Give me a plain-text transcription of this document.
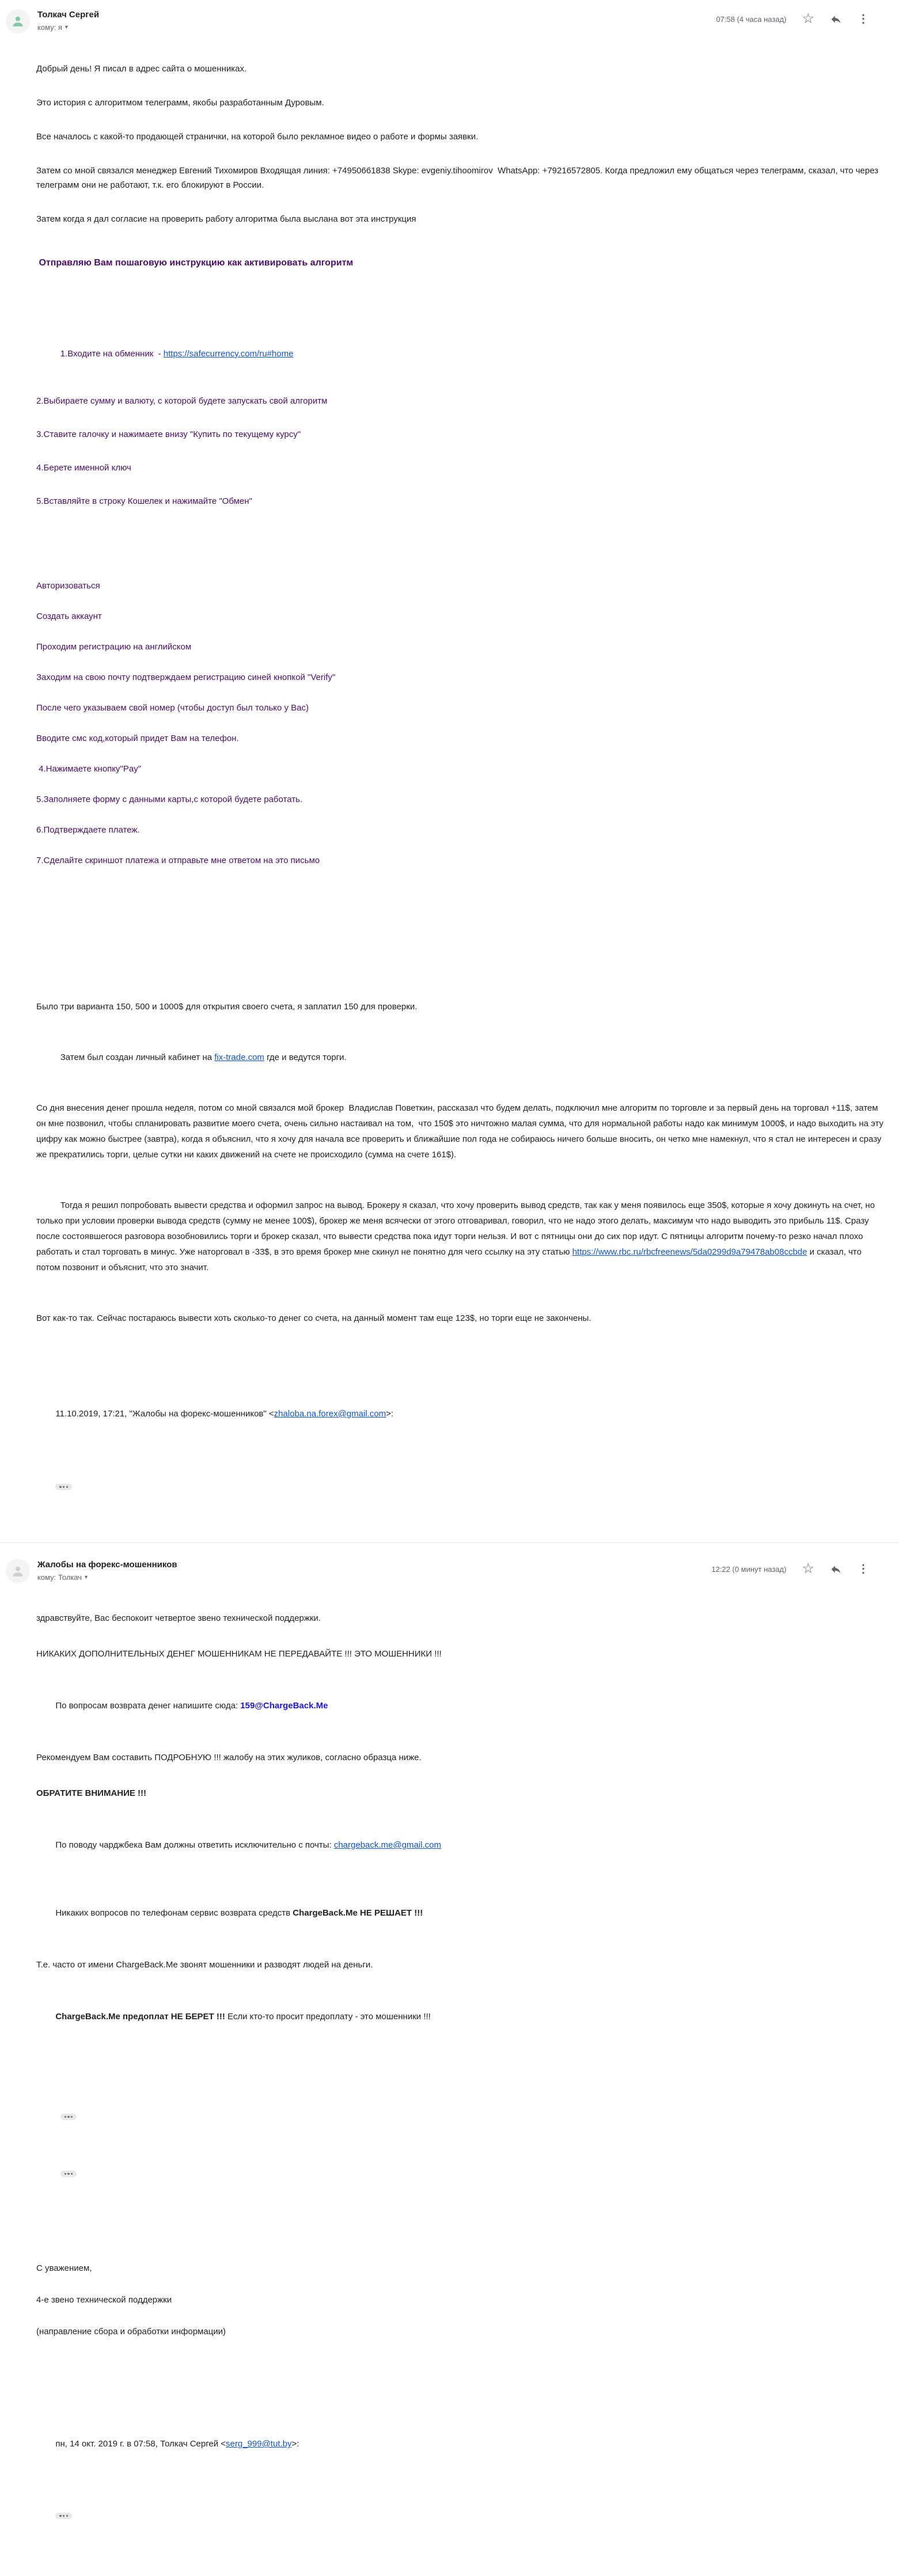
Толкач Сергей
кому: я ▾
07:58 (4 часа назад) ☆	⋮

Добрый день! Я писал в адрес сайта о мошенниках.

Это история с алгоритмом телеграмм, якобы разработанным Дуровым.

Все началось с какой-то продающей странички, на которой было рекламное видео о работе и формы заявки.

Затем со мной связался менеджер Евгений Тихомиров Входящая линия: +74950661838 Skype: evgeniy.tihoomirov  WhatsApp: +79216572805. Когда предложил ему общаться через телеграмм, сказал, что через телеграмм они не работают, т.к. его блокируют в России.

Затем когда я дал согласие на проверить работу алгоритма была выслана вот эта инструкция

Отправляю Вам пошаговую инструкцию как активировать алгоритм

1.Входите на обменник  - https://safecurrency.com/ru#home

2.Выбираете сумму и валюту, с которой будете запускать свой алгоритм

3.Ставите галочку и нажимаете внизу "Купить по текущему курсу"

4.Берете именной ключ

5.Вставляйте в строку Кошелек и нажимайте "Обмен"

Авторизоваться

Создать аккаунт

Проходим регистрацию на английском

Заходим на свою почту подтверждаем регистрацию синей кнопкой "Verify"

После чего указываем свой номер (чтобы доступ был только у Вас)

Вводите смс код,который придет Вам на телефон.

4.Нажимаете кнопку"Pay"

5.Заполняете форму с данными карты,с которой будете работать.

6.Подтверждаете платеж.

7.Сделайте скриншот платежа и отправьте мне ответом на это письмо

Было три варианта 150, 500 и 1000$ для открытия своего счета, я заплатил 150 для проверки.

Затем был создан личный кабинет на fix-trade.com где и ведутся торги.

Со дня внесения денег прошла неделя, потом со мной связался мой брокер  Владислав Поветкин, рассказал что будем делать, подключил мне алгоритм по торговле и за первый день на торговал +11$, затем он мне позвонил, чтобы спланировать развитие моего счета, очень сильно настаивал на том,  что 150$ это ничтожно малая сумма, что для нормальной работы надо как минимум 1000$, и надо выходить на эту цифру как можно быстрее (завтра), когда я объяснил, что я хочу для начала все проверить и ближайшие пол года не собираюсь ничего больше вносить, он четко мне намекнул, что я стал не интересен и сразу же прекратились торги, целые сутки ни каких движений на счете не происходило (сумма на счете 161$).

Тогда я решил попробовать вывести средства и оформил запрос на вывод. Брокеру я сказал, что хочу проверить вывод средств, так как у меня появилось еще 350$, которые я хочу докинуть на счет, но только при условии проверки вывода средств (сумму не менее 100$), брокер же меня всячески от этого отговаривал, говорил, что не надо этого делать, максимум что надо выводить это прибыль 11$. Сразу после состоявшегося разговора возобновились торги и брокер сказал, что вывести средства пока идут торги нельзя. И вот с пятницы они до сих пор идут. С пятницы алгоритм почему-то резко начал плохо работать и стал торговать в минус. Уже наторговал в -33$, в это время брокер мне скинул не понятно для чего ссылку на эту статью https://www.rbc.ru/rbcfreenews/5da0299d9a79478ab08ccbde и сказал, что потом позвонит и объяснит, что это значит.

Вот как-то так. Сейчас постараюсь вывести хоть сколько-то денег со счета, на данный момент там еще 123$, но торги еще не закончены.

11.10.2019, 17:21, "Жалобы на форекс-мошенников" <zhaloba.na.forex@gmail.com>:

Жалобы на форекс-мошенников
кому: Толкач ▾
12:22 (0 минут назад) ☆	⋮

здравствуйте, Вас беспокоит четвертое звено технической поддержки.

НИКАКИХ ДОПОЛНИТЕЛЬНЫХ ДЕНЕГ МОШЕННИКАМ НЕ ПЕРЕДАВАЙТЕ !!! ЭТО МОШЕННИКИ !!!

По вопросам возврата денег напишите сюда: 159@ChargeBack.Me

Рекомендуем Вам составить ПОДРОБНУЮ !!! жалобу на этих жуликов, согласно образца ниже.

ОБРАТИТЕ ВНИМАНИЕ !!!

По поводу чарджбека Вам должны ответить исключительно с почты: chargeback.me@gmail.com

Никаких вопросов по телефонам сервис возврата средств ChargeBack.Me НЕ РЕШАЕТ !!!

Т.е. часто от имени ChargeBack.Me звонят мошенники и разводят людей на деньги.

ChargeBack.Me предоплат НЕ БЕРЕТ !!! Если кто-то просит предоплату - это мошенники !!!

С уважением,

4-е звено технической поддержки

(направление сбора и обработки информации)

пн, 14 окт. 2019 г. в 07:58, Толкач Сергей <serg_999@tut.by>:
